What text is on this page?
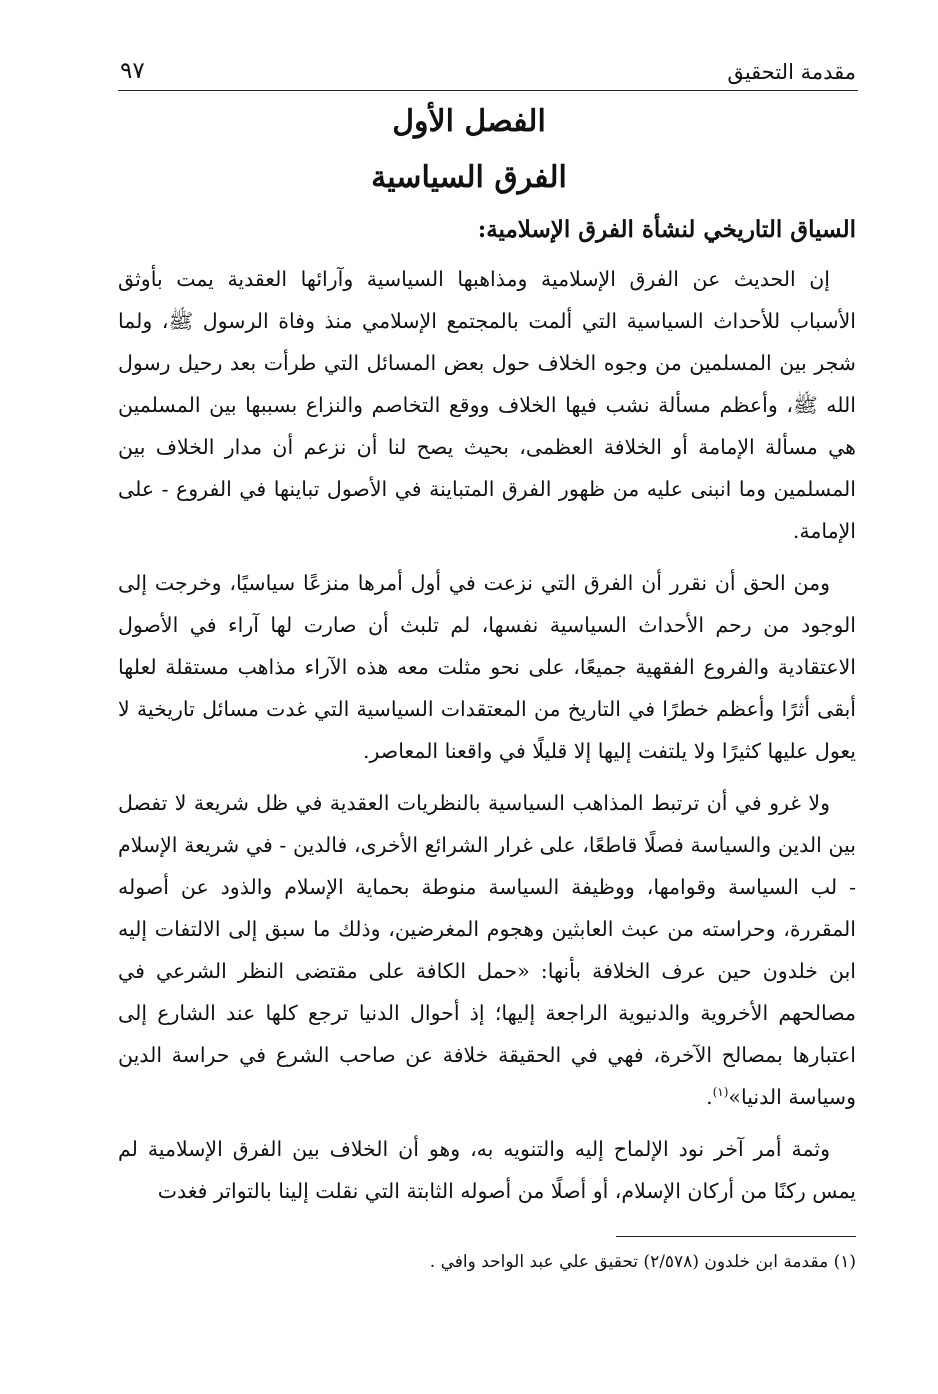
مقدمة التحقيق
٩٧
الفصل الأول
الفرق السياسية
السياق التاريخي لنشأة الفرق الإسلامية:

إن الحديث عن الفرق الإسلامية ومذاهبها السياسية وآرائها العقدية يمت بأوثق الأسباب للأحداث السياسية التي ألمت بالمجتمع الإسلامي منذ وفاة الرسول ﷺ، ولما شجر بين المسلمين من وجوه الخلاف حول بعض المسائل التي طرأت بعد رحيل رسول الله ﷺ، وأعظم مسألة نشب فيها الخلاف ووقع التخاصم والنزاع بسببها بين المسلمين هي مسألة الإمامة أو الخلافة العظمى، بحيث يصح لنا أن نزعم أن مدار الخلاف بين المسلمين وما انبنى عليه من ظهور الفرق المتباينة في الأصول تباينها في الفروع - على الإمامة.

ومن الحق أن نقرر أن الفرق التي نزعت في أول أمرها منزعًا سياسيًا، وخرجت إلى الوجود من رحم الأحداث السياسية نفسها، لم تلبث أن صارت لها آراء في الأصول الاعتقادية والفروع الفقهية جميعًا، على نحو مثلت معه هذه الآراء مذاهب مستقلة لعلها أبقى أثرًا وأعظم خطرًا في التاريخ من المعتقدات السياسية التي غدت مسائل تاريخية لا يعول عليها كثيرًا ولا يلتفت إليها إلا قليلًا في واقعنا المعاصر.

ولا غرو في أن ترتبط المذاهب السياسية بالنظريات العقدية في ظل شريعة لا تفصل بين الدين والسياسة فصلًا قاطعًا، على غرار الشرائع الأخرى، فالدين - في شريعة الإسلام - لب السياسة وقوامها، ووظيفة السياسة منوطة بحماية الإسلام والذود عن أصوله المقررة، وحراسته من عبث العابثين وهجوم المغرضين، وذلك ما سبق إلى الالتفات إليه ابن خلدون حين عرف الخلافة بأنها: «حمل الكافة على مقتضى النظر الشرعي في مصالحهم الأخروية والدنيوية الراجعة إليها؛ إذ أحوال الدنيا ترجع كلها عند الشارع إلى اعتبارها بمصالح الآخرة، فهي في الحقيقة خلافة عن صاحب الشرع في حراسة الدين وسياسة الدنيا»$^{(١)}$.

وثمة أمر آخر نود الإلماح إليه والتنويه به، وهو أن الخلاف بين الفرق الإسلامية لم يمس ركنًا من أركان الإسلام، أو أصلًا من أصوله الثابتة التي نقلت إلينا بالتواتر فغدت

(١) مقدمة ابن خلدون (٢/٥٧٨) تحقيق علي عبد الواحد وافي .
